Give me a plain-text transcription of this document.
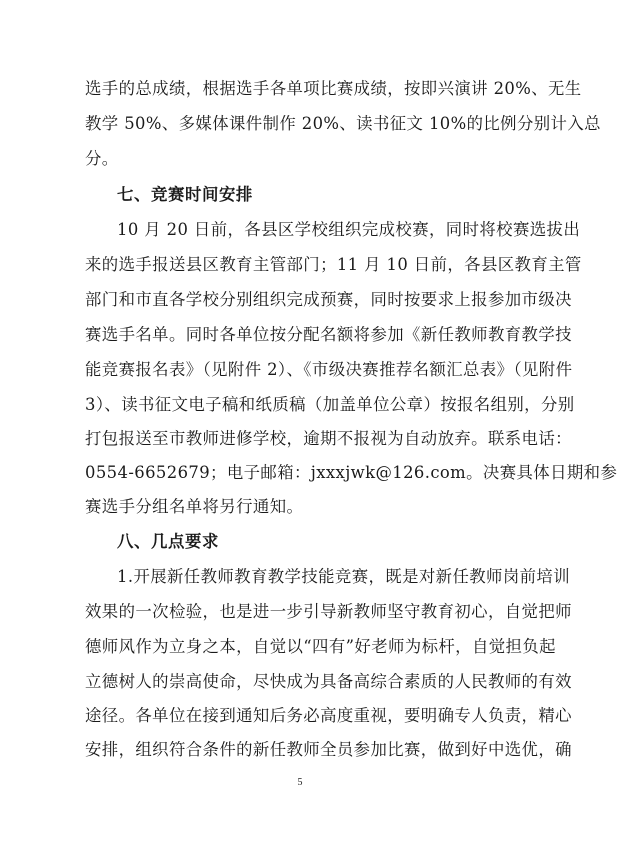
选手的总成绩，根据选手各单项比赛成绩，按即兴演讲 20%、无生
教学 50%、多媒体课件制作 20%、读书征文 10%的比例分别计入总
分。
七、竞赛时间安排
10 月 20 日前，各县区学校组织完成校赛，同时将校赛选拔出
来的选手报送县区教育主管部门；11 月 10 日前，各县区教育主管
部门和市直各学校分别组织完成预赛，同时按要求上报参加市级决
赛选手名单。同时各单位按分配名额将参加《新任教师教育教学技
能竞赛报名表》（见附件 2）、《市级决赛推荐名额汇总表》（见附件
3）、读书征文电子稿和纸质稿（加盖单位公章）按报名组别，分别
打包报送至市教师进修学校，逾期不报视为自动放弃。联系电话：
0554-6652679；电子邮箱：jxxxjwk@126.com。决赛具体日期和参
赛选手分组名单将另行通知。
八、几点要求
1.开展新任教师教育教学技能竞赛，既是对新任教师岗前培训
效果的一次检验，也是进一步引导新教师坚守教育初心，自觉把师
德师风作为立身之本，自觉以“四有”好老师为标杆，自觉担负起
立德树人的崇高使命，尽快成为具备高综合素质的人民教师的有效
途径。各单位在接到通知后务必高度重视，要明确专人负责，精心
安排，组织符合条件的新任教师全员参加比赛，做到好中选优，确
5
